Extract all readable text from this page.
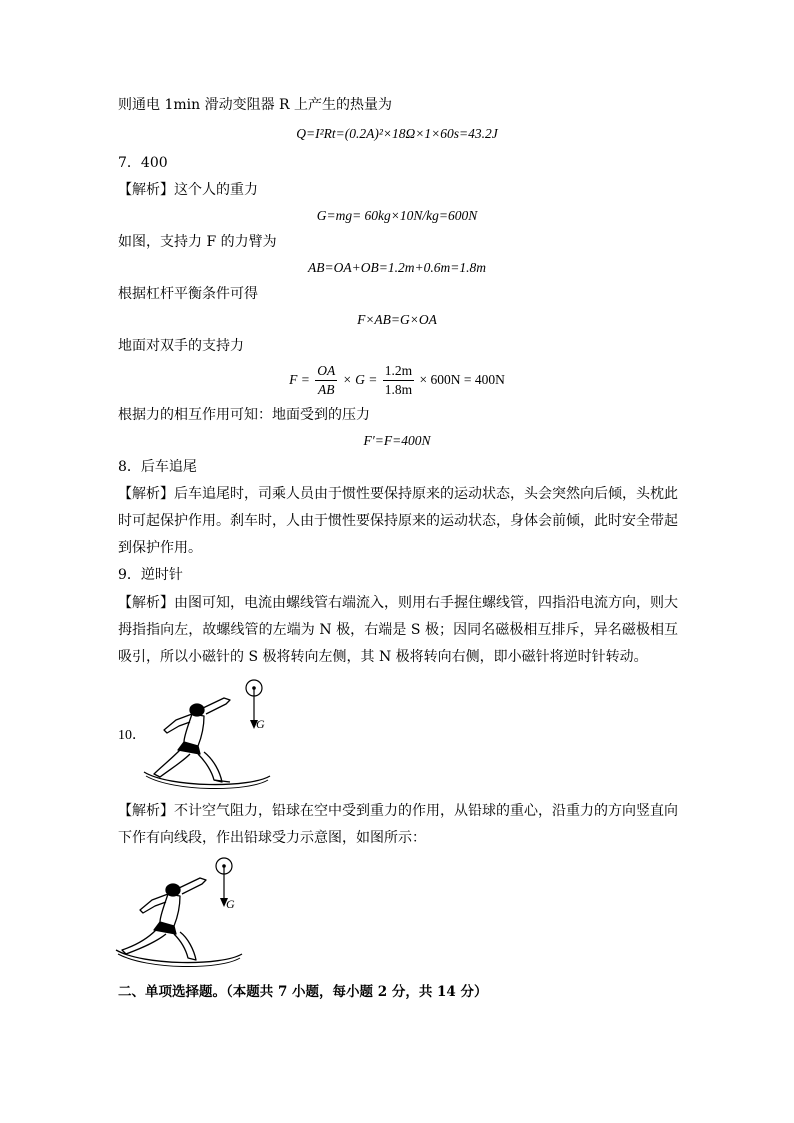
则通电 1min 滑动变阻器 R 上产生的热量为
Q=I²Rt=(0.2A)²×18Ω×1×60s=43.2J
7．400
【解析】这个人的重力
G=mg= 60kg×10N/kg=600N
如图，支持力 F 的力臂为
AB=OA+OB=1.2m+0.6m=1.8m
根据杠杆平衡条件可得
F×AB=G×OA
地面对双手的支持力
$F = \frac{OA}{AB} \times G = \frac{1.2m}{1.8m} \times 600N = 400N$
根据力的相互作用可知：地面受到的压力
F′=F=400N
8．后车追尾
【解析】后车追尾时，司乘人员由于惯性要保持原来的运动状态，头会突然向后倾，头枕此时可起保护作用。刹车时，人由于惯性要保持原来的运动状态，身体会前倾，此时安全带起到保护作用。
9．逆时针
【解析】由图可知，电流由螺线管右端流入，则用右手握住螺线管，四指沿电流方向，则大拇指指向左，故螺线管的左端为 N 极，右端是 S 极；因同名磁极相互排斥，异名磁极相互吸引，所以小磁针的 S 极将转向左侧，其 N 极将转向右侧，即小磁针将逆时针转动。
10．
G
【解析】不计空气阻力，铅球在空中受到重力的作用，从铅球的重心，沿重力的方向竖直向下作有向线段，作出铅球受力示意图，如图所示：
G
二、单项选择题。（本题共 7 小题，每小题 2 分，共 14 分）
